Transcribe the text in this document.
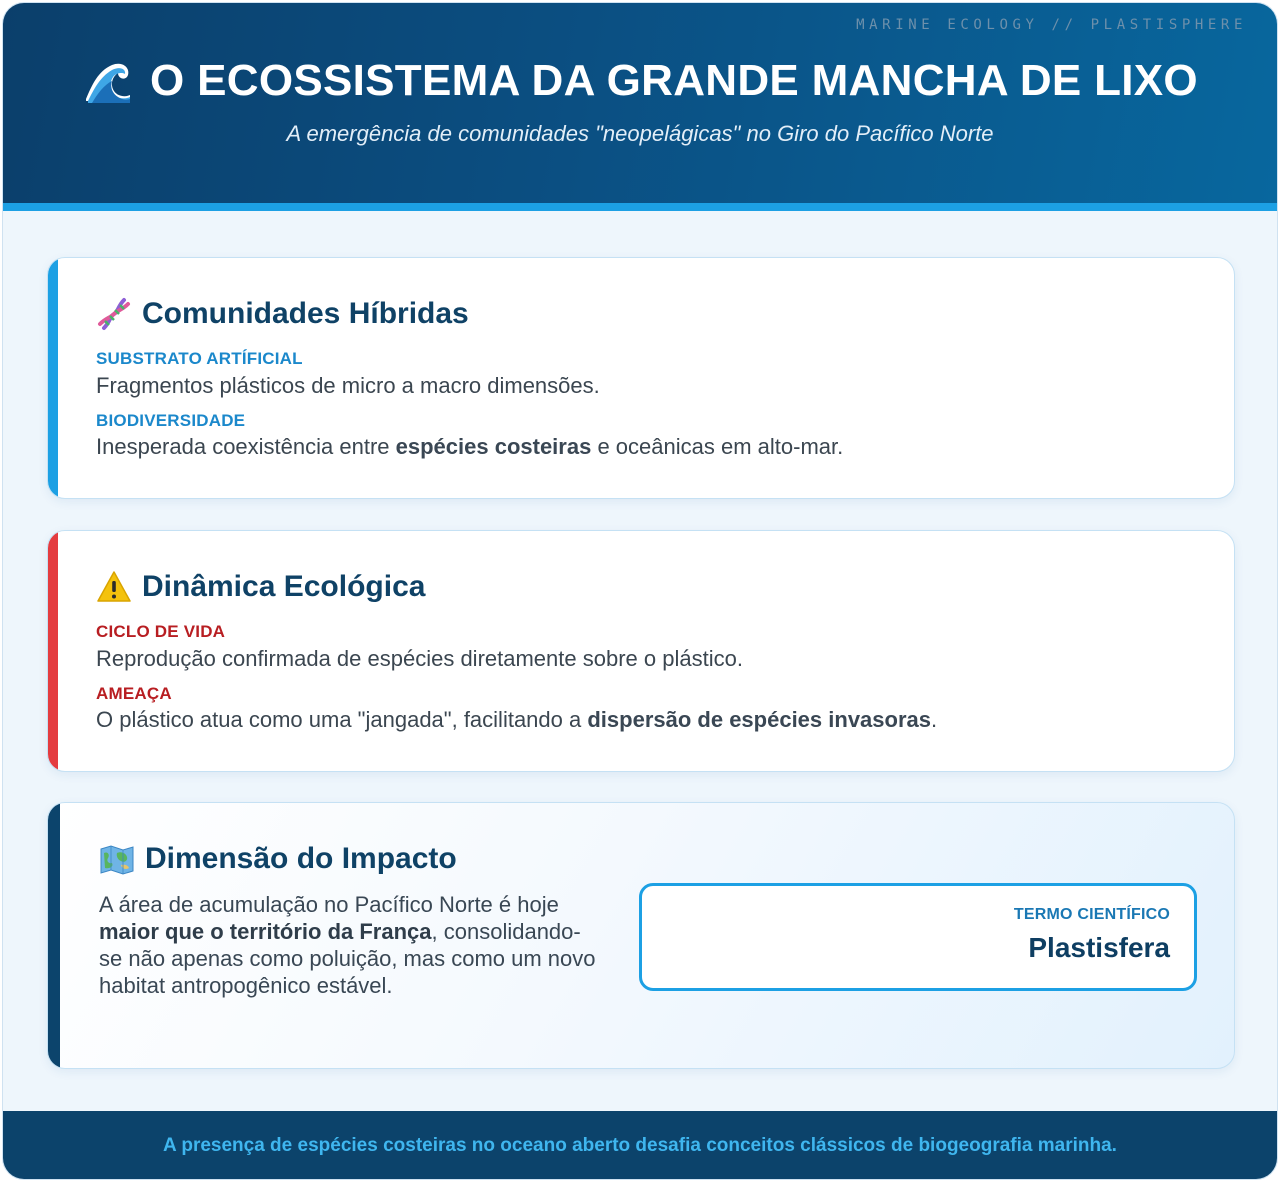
MARINE ECOLOGY // PLASTISPHERE
O ECOSSISTEMA DA GRANDE MANCHA DE LIXO
A emergência de comunidades "neopelágicas" no Giro do Pacífico Norte
Comunidades Híbridas
SUBSTRATO ARTÍFICIAL
Fragmentos plásticos de micro a macro dimensões.
BIODIVERSIDADE
Inesperada coexistência entre espécies costeiras e oceânicas em alto-mar.
Dinâmica Ecológica
CICLO DE VIDA
Reprodução confirmada de espécies diretamente sobre o plástico.
AMEAÇA
O plástico atua como uma "jangada", facilitando a dispersão de espécies invasoras.
Dimensão do Impacto
A área de acumulação no Pacífico Norte é hoje maior que o território da França, consolidando-se não apenas como poluição, mas como um novo habitat antropogênico estável.
TERMO CIENTÍFICO
Plastisfera
A presença de espécies costeiras no oceano aberto desafia conceitos clássicos de biogeografia marinha.
